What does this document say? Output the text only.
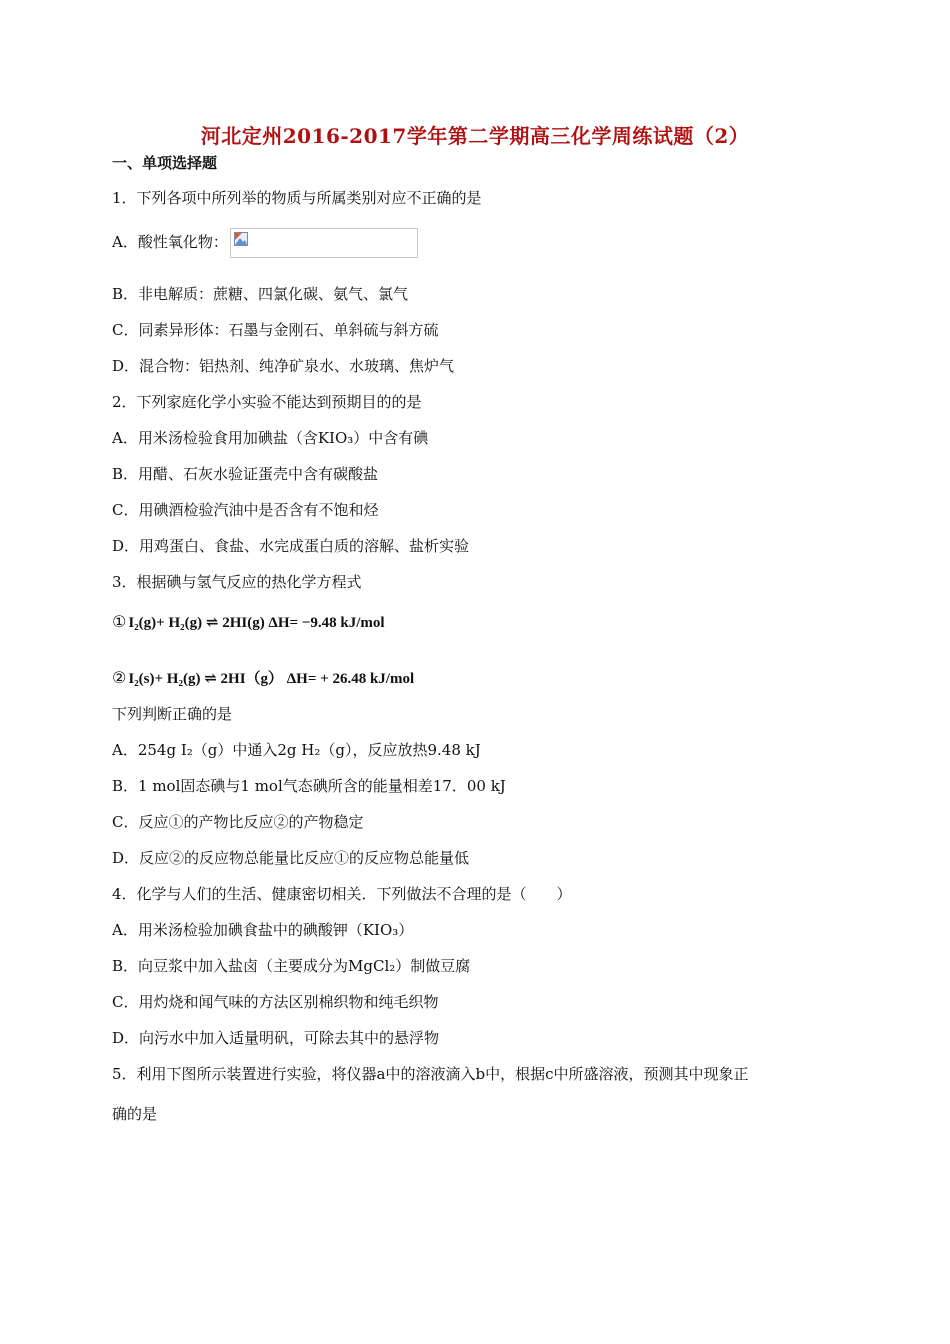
河北定州2016-2017学年第二学期高三化学周练试题（2）
一、单项选择题
1．下列各项中所列举的物质与所属类别对应不正确的是
A．酸性氧化物：
B．非电解质：蔗糖、四氯化碳、氨气、氯气
C．同素异形体：石墨与金刚石、单斜硫与斜方硫
D．混合物：铝热剂、纯净矿泉水、水玻璃、焦炉气
2．下列家庭化学小实验不能达到预期目的的是
A．用米汤检验食用加碘盐（含KIO₃）中含有碘
B．用醋、石灰水验证蛋壳中含有碳酸盐
C．用碘酒检验汽油中是否含有不饱和烃
D．用鸡蛋白、食盐、水完成蛋白质的溶解、盐析实验
3．根据碘与氢气反应的热化学方程式
① I₂(g)+ H₂(g) ⇌ 2HI(g) ΔH= −9.48 kJ/mol
② I₂(s)+ H₂(g) ⇌ 2HI（g） ΔH= + 26.48 kJ/mol
下列判断正确的是
A．254g I₂（g）中通入2g H₂（g），反应放热9.48 kJ
B．1 mol固态碘与1 mol气态碘所含的能量相差17．00 kJ
C．反应①的产物比反应②的产物稳定
D．反应②的反应物总能量比反应①的反应物总能量低
4．化学与人们的生活、健康密切相关．下列做法不合理的是（　　）
A．用米汤检验加碘食盐中的碘酸钾（KIO₃）
B．向豆浆中加入盐卤（主要成分为MgCl₂）制做豆腐
C．用灼烧和闻气味的方法区别棉织物和纯毛织物
D．向污水中加入适量明矾，可除去其中的悬浮物
5．利用下图所示装置进行实验，将仪器a中的溶液滴入b中，根据c中所盛溶液，预测其中现象正
确的是
